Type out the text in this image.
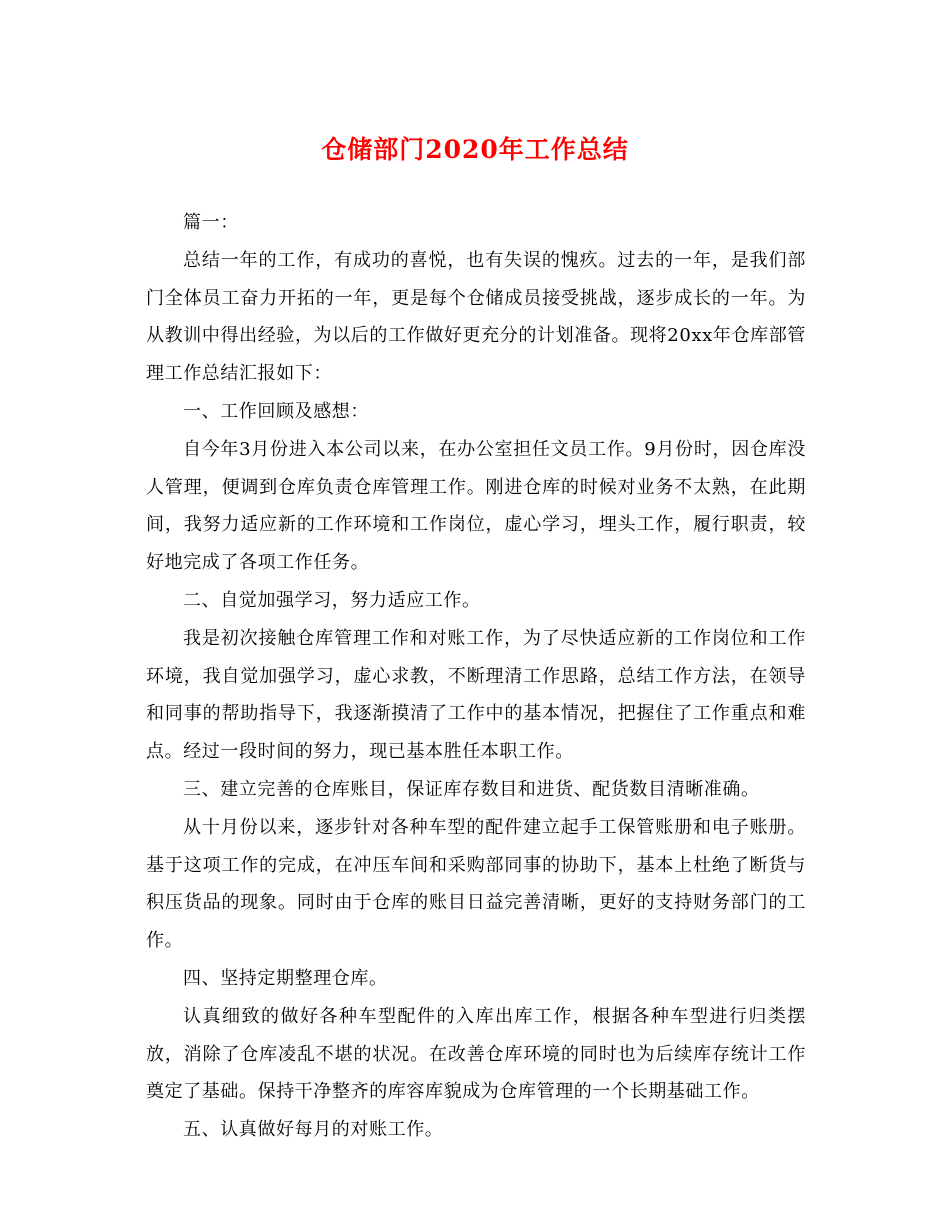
仓储部门2020年工作总结

篇一：

总结一年的工作，有成功的喜悦，也有失误的愧疚。过去的一年，是我们部门全体员工奋力开拓的一年，更是每个仓储成员接受挑战，逐步成长的一年。为从教训中得出经验，为以后的工作做好更充分的计划准备。现将20xx年仓库部管理工作总结汇报如下：

一、工作回顾及感想：

自今年3月份进入本公司以来，在办公室担任文员工作。9月份时，因仓库没人管理，便调到仓库负责仓库管理工作。刚进仓库的时候对业务不太熟，在此期间，我努力适应新的工作环境和工作岗位，虚心学习，埋头工作，履行职责，较好地完成了各项工作任务。

二、自觉加强学习，努力适应工作。

我是初次接触仓库管理工作和对账工作，为了尽快适应新的工作岗位和工作环境，我自觉加强学习，虚心求教，不断理清工作思路，总结工作方法，在领导和同事的帮助指导下，我逐渐摸清了工作中的基本情况，把握住了工作重点和难点。经过一段时间的努力，现已基本胜任本职工作。

三、建立完善的仓库账目，保证库存数目和进货、配货数目清晰准确。

从十月份以来，逐步针对各种车型的配件建立起手工保管账册和电子账册。基于这项工作的完成，在冲压车间和采购部同事的协助下，基本上杜绝了断货与积压货品的现象。同时由于仓库的账目日益完善清晰，更好的支持财务部门的工作。

四、坚持定期整理仓库。

认真细致的做好各种车型配件的入库出库工作，根据各种车型进行归类摆放，消除了仓库凌乱不堪的状况。在改善仓库环境的同时也为后续库存统计工作奠定了基础。保持干净整齐的库容库貌成为仓库管理的一个长期基础工作。

五、认真做好每月的对账工作。
